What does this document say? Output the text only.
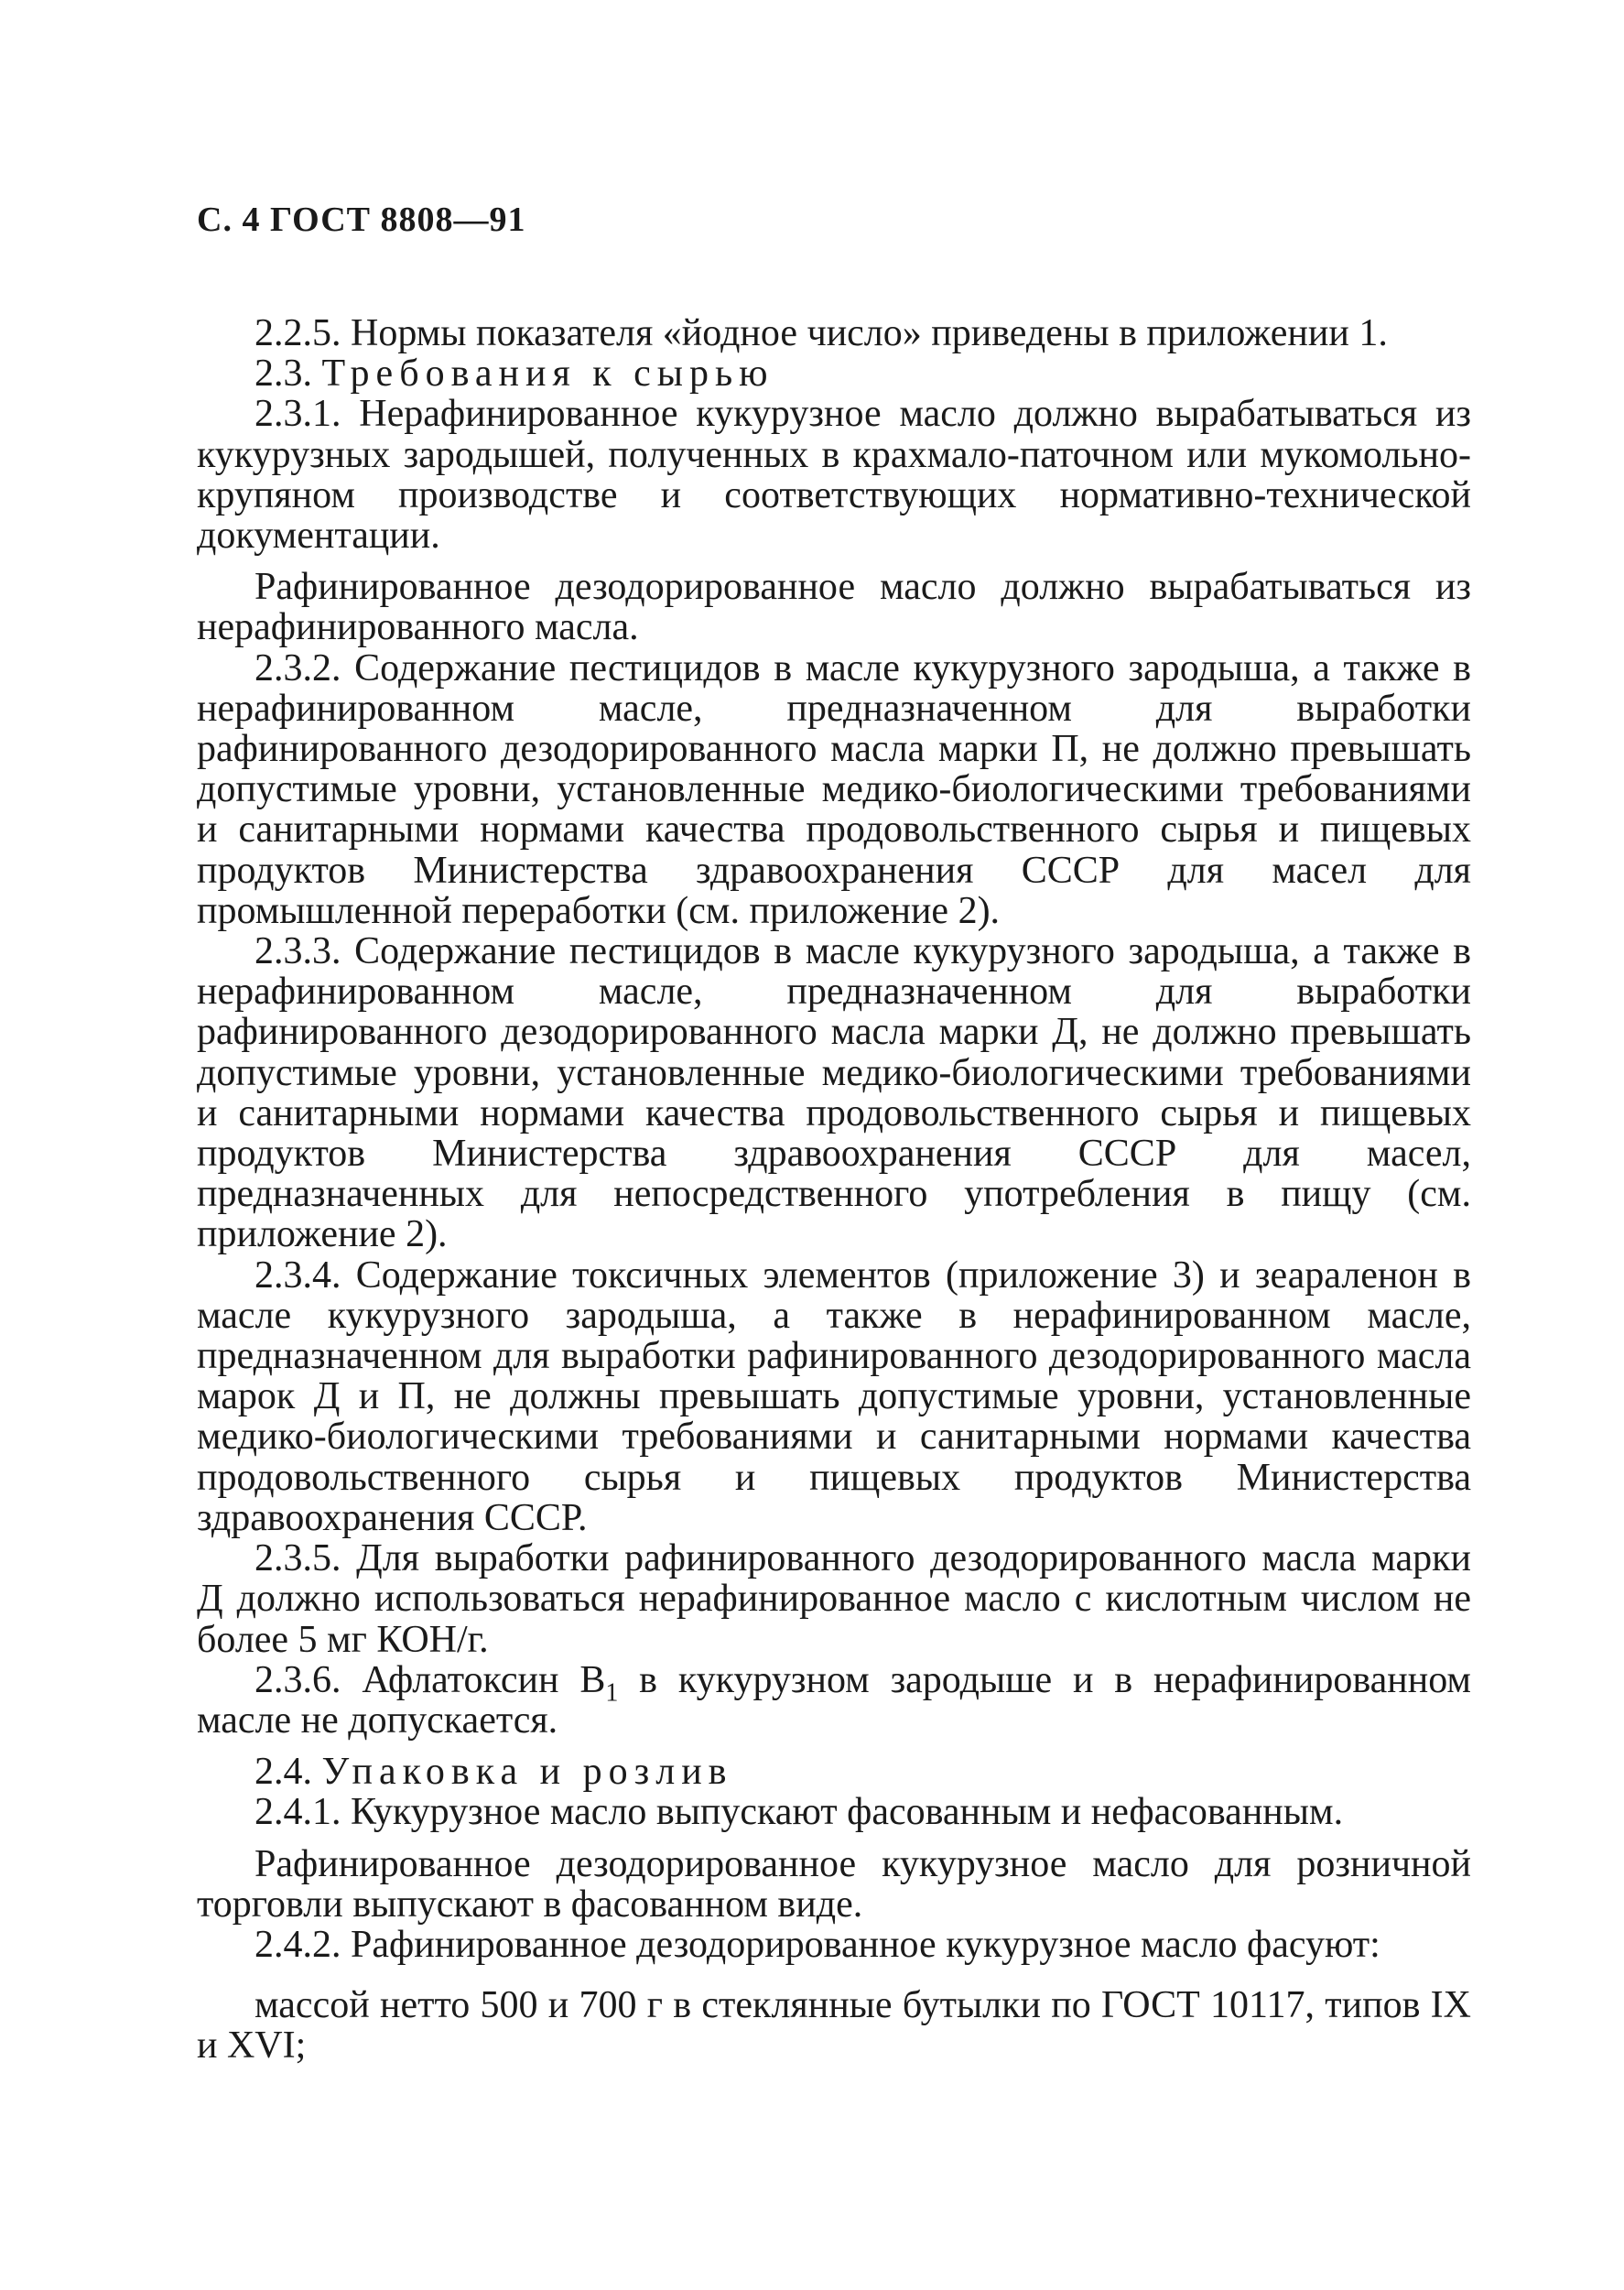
С. 4 ГОСТ 8808—91

2.2.5. Нормы показателя «йодное число» приведены в приложении 1.

2.3. Требования к сырью

2.3.1. Нерафинированное кукурузное масло должно вырабатываться из кукурузных зародышей, полученных в крахмало-паточном или мукомольно-крупяном производстве и соответствующих нормативно-технической документации.

Рафинированное дезодорированное масло должно вырабатываться из нерафинированного масла.

2.3.2. Содержание пестицидов в масле кукурузного зародыша, а также в нерафинированном масле, предназначенном для выработки рафинированного дезодорированного масла марки П, не должно превышать допустимые уровни, установленные медико-биологическими требованиями и санитарными нормами качества продовольственного сырья и пищевых продуктов Министерства здравоохранения СССР для масел для промышленной переработки (см. приложение 2).

2.3.3. Содержание пестицидов в масле кукурузного зародыша, а также в нерафинированном масле, предназначенном для выработки рафинированного дезодорированного масла марки Д, не должно превышать допустимые уровни, установленные медико-биологическими требованиями и санитарными нормами качества продовольственного сырья и пищевых продуктов Министерства здравоохранения СССР для масел, предназначенных для непосредственного употребления в пищу (см. приложение 2).

2.3.4. Содержание токсичных элементов (приложение 3) и зеараленон в масле кукурузного зародыша, а также в нерафинированном масле, предназначенном для выработки рафинированного дезодорированного масла марок Д и П, не должны превышать допустимые уровни, установленные медико-биологическими требованиями и санитарными нормами качества продовольственного сырья и пищевых продуктов Министерства здравоохранения СССР.

2.3.5. Для выработки рафинированного дезодорированного масла марки Д должно использоваться нерафинированное масло с кислотным числом не более 5 мг КОН/г.

2.3.6. Афлатоксин $В_1$ в кукурузном зародыше и в нерафинированном масле не допускается.

2.4. Упаковка и розлив

2.4.1. Кукурузное масло выпускают фасованным и нефасованным.

Рафинированное дезодорированное кукурузное масло для розничной торговли выпускают в фасованном виде.

2.4.2. Рафинированное дезодорированное кукурузное масло фасуют:

массой нетто 500 и 700 г в стеклянные бутылки по ГОСТ 10117, типов IX и XVI;
